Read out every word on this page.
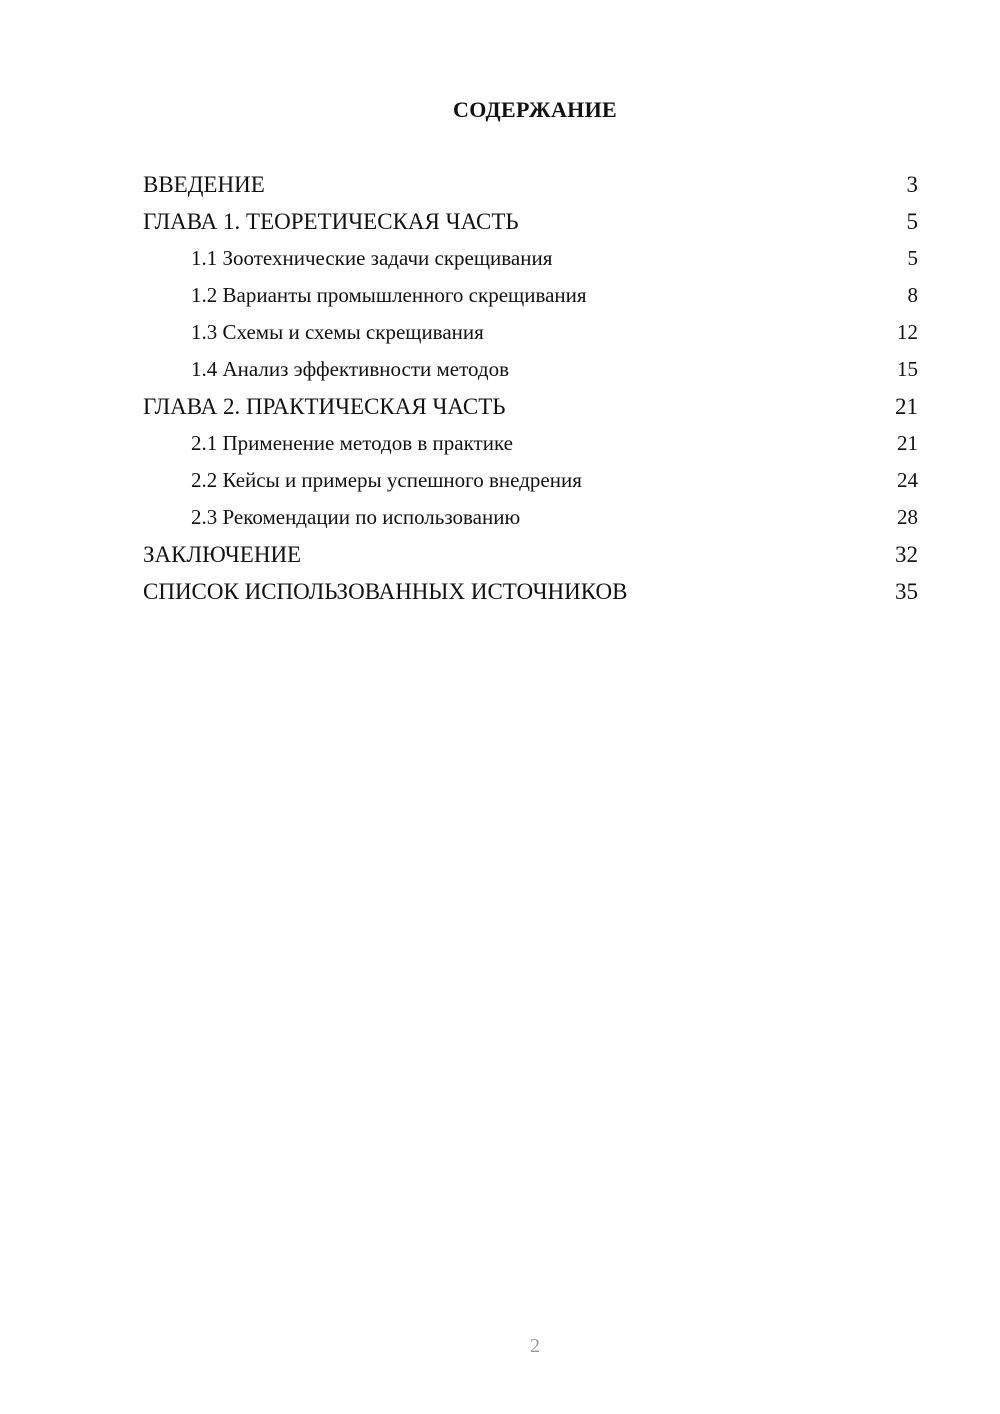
СОДЕРЖАНИЕ
ВВЕДЕНИЕ	3
ГЛАВА 1. ТЕОРЕТИЧЕСКАЯ ЧАСТЬ	5
1.1 Зоотехнические задачи скрещивания	5
1.2 Варианты промышленного скрещивания	8
1.3 Схемы и схемы скрещивания	12
1.4 Анализ эффективности методов	15
ГЛАВА 2. ПРАКТИЧЕСКАЯ ЧАСТЬ	21
2.1 Применение методов в практике	21
2.2 Кейсы и примеры успешного внедрения	24
2.3 Рекомендации по использованию	28
ЗАКЛЮЧЕНИЕ	32
СПИСОК ИСПОЛЬЗОВАННЫХ ИСТОЧНИКОВ	35
2
